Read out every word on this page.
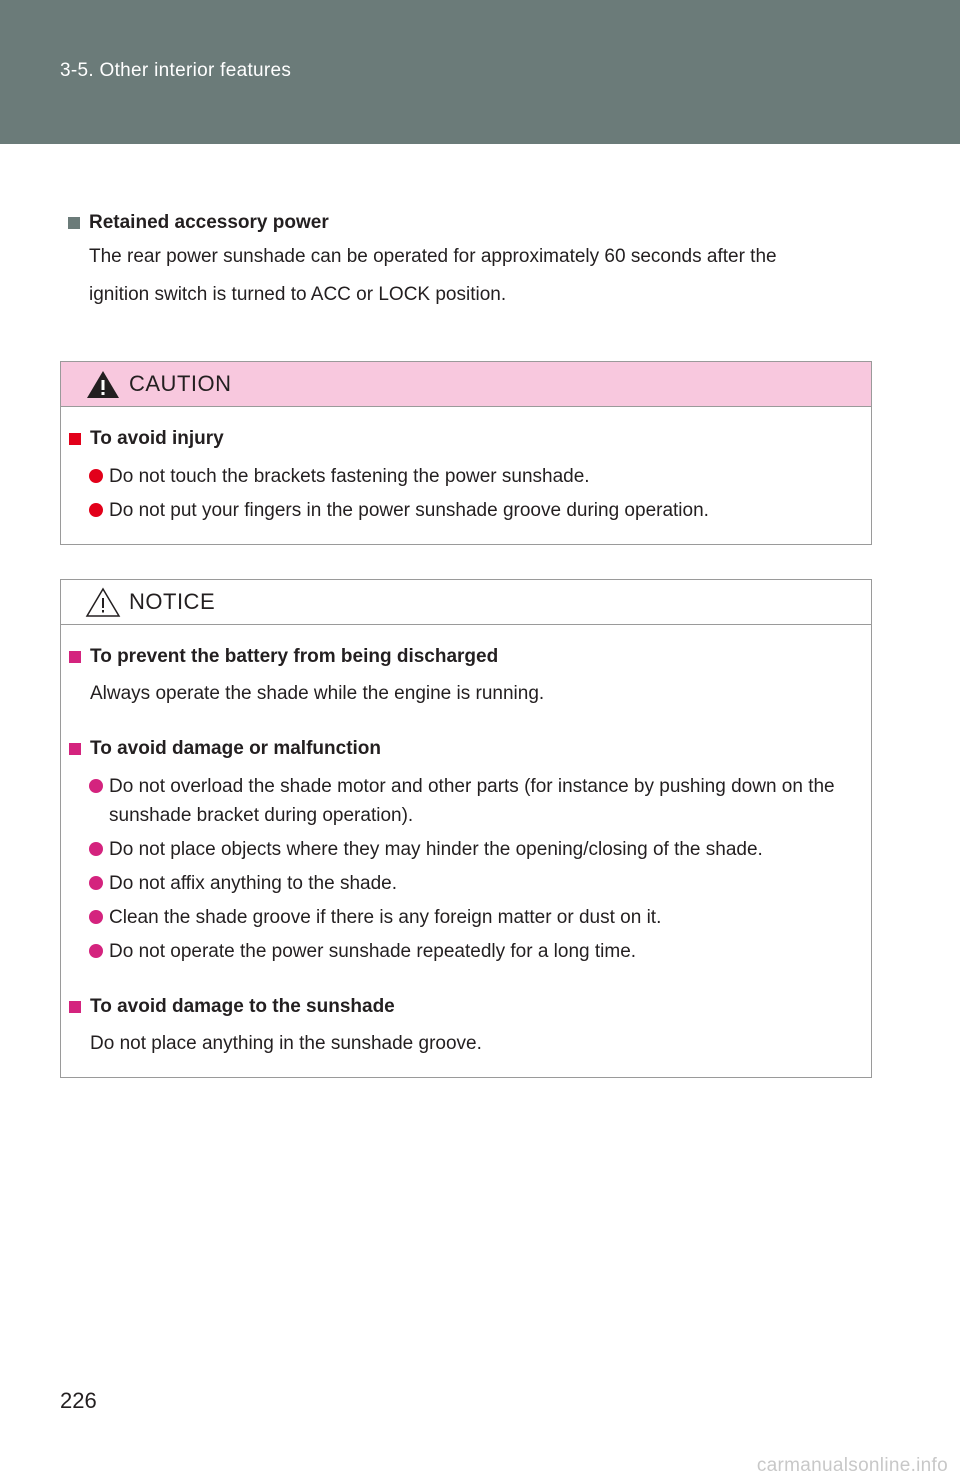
3-5. Other interior features
Retained accessory power
The rear power sunshade can be operated for approximately 60 seconds after the
ignition switch is turned to ACC or LOCK position.
CAUTION
To avoid injury
Do not touch the brackets fastening the power sunshade.
Do not put your fingers in the power sunshade groove during operation.
NOTICE
To prevent the battery from being discharged
Always operate the shade while the engine is running.
To avoid damage or malfunction
Do not overload the shade motor and other parts (for instance by pushing down on the sunshade bracket during operation).
Do not place objects where they may hinder the opening/closing of the shade.
Do not affix anything to the shade.
Clean the shade groove if there is any foreign matter or dust on it.
Do not operate the power sunshade repeatedly for a long time.
To avoid damage to the sunshade
Do not place anything in the sunshade groove.
226
carmanualsonline.info
